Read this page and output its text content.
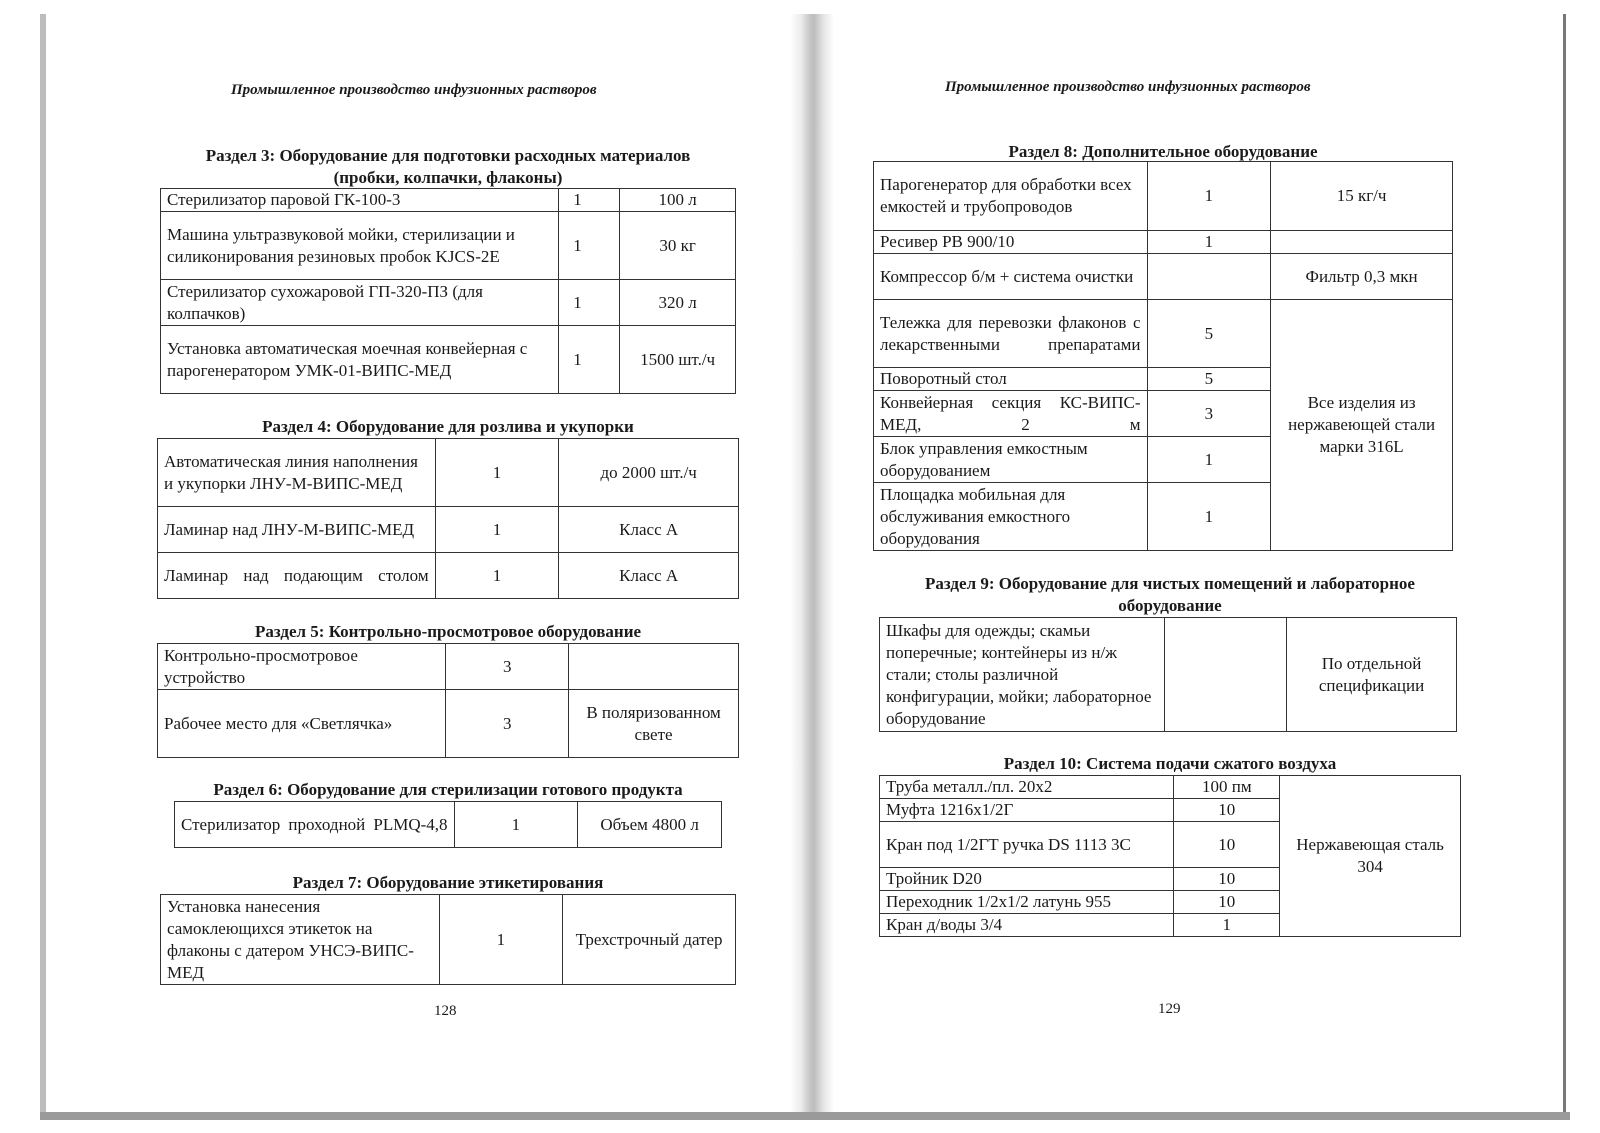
Промышленное производство инфузионных растворов
Раздел 3: Оборудование для подготовки расходных материалов
(пробки, колпачки, флаконы)
Стерилизатор паровой ГК-100-3	1	100 л
Машина ультразвуковой мойки, стерилизации и силиконирования резиновых пробок KJCS-2E	1	30 кг
Стерилизатор сухожаровой ГП-320-ПЗ (для колпачков)	1	320 л
Установка автоматическая моечная конвейерная с парогенератором УМК-01-ВИПС-МЕД	1	1500 шт./ч
Раздел 4: Оборудование для розлива и укупорки
Автоматическая линия наполнения и укупорки ЛНУ-М-ВИПС-МЕД	1	до 2000 шт./ч
Ламинар над ЛНУ-М-ВИПС-МЕД	1	Класс А
Ламинар над подающим столом	1	Класс А
Раздел 5: Контрольно-просмотровое оборудование
Контрольно-просмотровое устройство	3	
Рабочее место для «Светлячка»	3	В поляризованном свете
Раздел 6: Оборудование для стерилизации готового продукта
Стерилизатор проходной PLMQ-4,8	1	Объем 4800 л
Раздел 7: Оборудование этикетирования
Установка нанесения самоклеющихся этикеток на флаконы с датером УНСЭ-ВИПС-МЕД	1	Трехстрочный датер
128
Промышленное производство инфузионных растворов
Раздел 8: Дополнительное оборудование
Парогенератор для обработки всех емкостей и трубопроводов	1	15 кг/ч
Ресивер РВ 900/10	1	
Компрессор б/м + система очистки		Фильтр 0,3 мкн
Тележка для перевозки флаконов с лекарственными препаратами	5	Все изделия из нержавеющей стали марки 316L
Поворотный стол	5	
Конвейерная секция КС-ВИПС-МЕД, 2 м	3	
Блок управления емкостным оборудованием	1	
Площадка мобильная для обслуживания емкостного оборудования	1	
Раздел 9: Оборудование для чистых помещений и лабораторное
оборудование
Шкафы для одежды; скамьи поперечные; контейнеры из н/ж стали; столы различной конфигурации, мойки; лабораторное оборудование		По отдельной спецификации
Раздел 10: Система подачи сжатого воздуха
Труба металл./пл. 20х2	100 пм	Нержавеющая сталь 304
Муфта 1216х1/2Г	10	
Кран под 1/2ГТ ручка DS 1113 3С	10	
Тройник D20	10	
Переходник 1/2х1/2 латунь 955	10	
Кран д/воды 3/4	1	
129
